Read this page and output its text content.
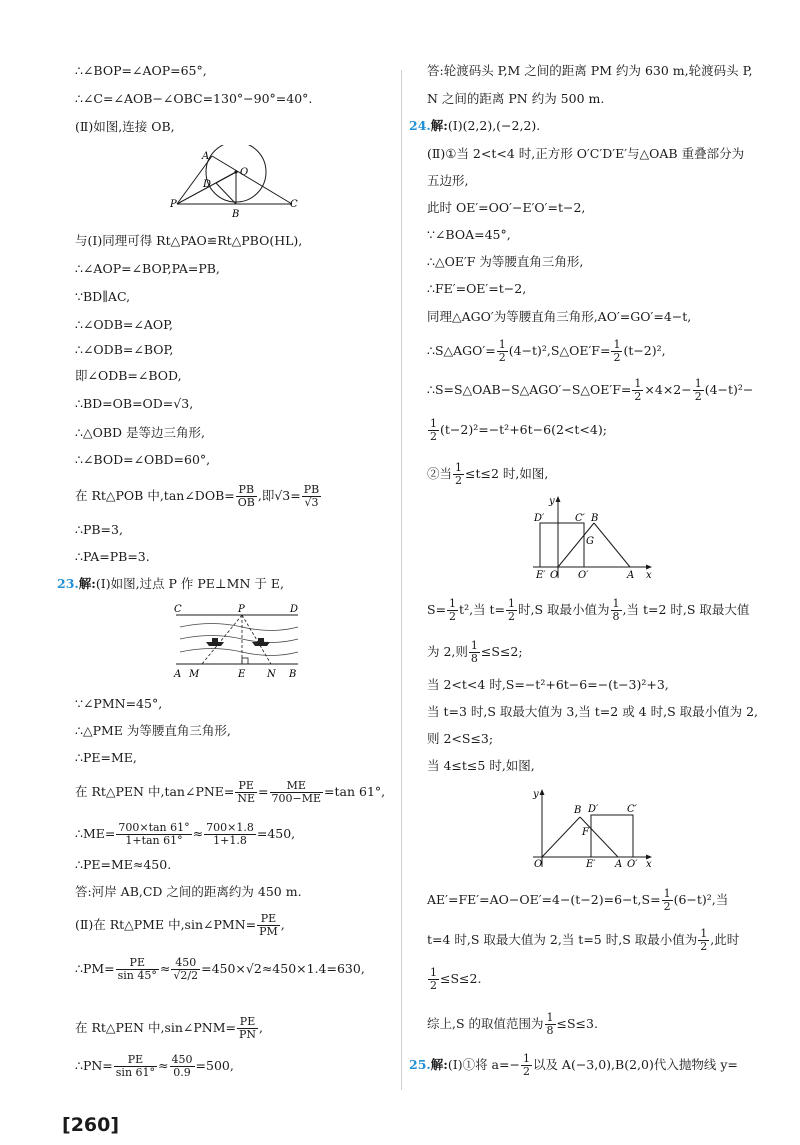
∴∠BOP=∠AOP=65°,
∴∠C=∠AOB−∠OBC=130°−90°=40°.
(Ⅱ)如图,连接 OB,
A
O
D
P
B
C
与(Ⅰ)同理可得 Rt△PAO≌Rt△PBO(HL),
∴∠AOP=∠BOP,PA=PB,
∵BD∥AC,
∴∠ODB=∠AOP,
∴∠ODB=∠BOP,
即∠ODB=∠BOD,
∴BD=OB=OD=√3,
∴△OBD 是等边三角形,
∴∠BOD=∠OBD=60°,
在 Rt△POB 中,tan∠DOB= $\frac{PB}{OB}$ ,即$√3= \frac{PB}{√3}$
∴PB=3,
∴PA=PB=3.
23.解:(Ⅰ)如图,过点 P 作 PE⊥MN 于 E,
C	P	D
A M	E N B
∵∠PMN=45°,
∴△PME 为等腰直角三角形,
∴PE=ME,
在 Rt△PEN 中,tan∠PNE= $\frac{PE}{NE} = \frac{ME}{700-ME} =\tan$ 61°,
∴ME= $\frac{700\times\tan 61^\circ}{1+\tan 61^\circ} \approx \frac{700\times 1.8}{1+1.8} =450$,
∴PE=ME≈450.
答:河岸 AB,CD 之间的距离约为 450 m.
(Ⅱ)在 Rt△PME 中,sin∠PMN= $\frac{PE}{PM}$ ,
∴PM= $\frac{PE}{\sin 45^\circ} \approx \frac{450}{√2/2} =450\times√2\approx 450\times 1.4=630$,
在 Rt△PEN 中,sin∠PNM= $\frac{PE}{PN}$ ,
∴PN= $\frac{PE}{\sin 61^\circ} \approx \frac{450}{0.9} =500$,
答:轮渡码头 P,M 之间的距离 PM 约为 630 m,轮渡码头 P,
N 之间的距离 PN 约为 500 m.
24.解:(Ⅰ)(2,2),(−2,2).
(Ⅱ)①当 2<t<4 时,正方形 O′C′D′E′与△OAB 重叠部分为
五边形,
此时 OE′=OO′−E′O′=t−2,
∵∠BOA=45°,
∴△OE′F 为等腰直角三角形,
∴FE′=OE′=t−2,
同理△AGO′为等腰直角三角形,AO′=GO′=4−t,
∴S△AGO′= $\frac{1}{2}$ (4−t)²,S△OE′F= $\frac{1}{2} (t-2)^2$,
∴S=S△OAB−S△AGO′−S△OE′F= $\frac{1}{2} \times 4\times 2- \frac{1}{2} (4-t)^2-$
$\frac{1}{2} (t-2)^2=-t^2+6t-6(2<t<4)$;
②当 $\frac{1}{2} \le t\le 2$ 时,如图,
y
D′	C′ B
G
E′ O O′	A x
$S= \frac{1}{2} t^2$,当 $t= \frac{1}{2}$ 时,S 取最小值为 $\frac{1}{8}$ ,当 t=2 时,S 取最大值
为 2,则 $\frac{1}{8} \le S\le 2$;
当 2<t<4 时,S=−t²+6t−6=−(t−3)²+3,
当 t=3 时,S 取最大值为 3,当 t=2 或 4 时,S 取最小值为 2,
则 2<S≤3;
当 4≤t≤5 时,如图,
y
B D′	C′
F
O	E′ A O′ x
$AE'=FE'=AO-OE'=4-(t-2)=6-t,S= \frac{1}{2} (6-t)^2$,当
t=4 时,S 取最大值为 2,当 t=5 时,S 取最小值为 $\frac{1}{2}$ ,此时
$\frac{1}{2} \le S\le 2$.
综上,S 的取值范围为 $\frac{1}{8} \le S\le 3$.
25.解:(Ⅰ)①将 $a=- \frac{1}{2}$ 以及 A(−3,0),B(2,0)代入抛物线 y=
[260]
